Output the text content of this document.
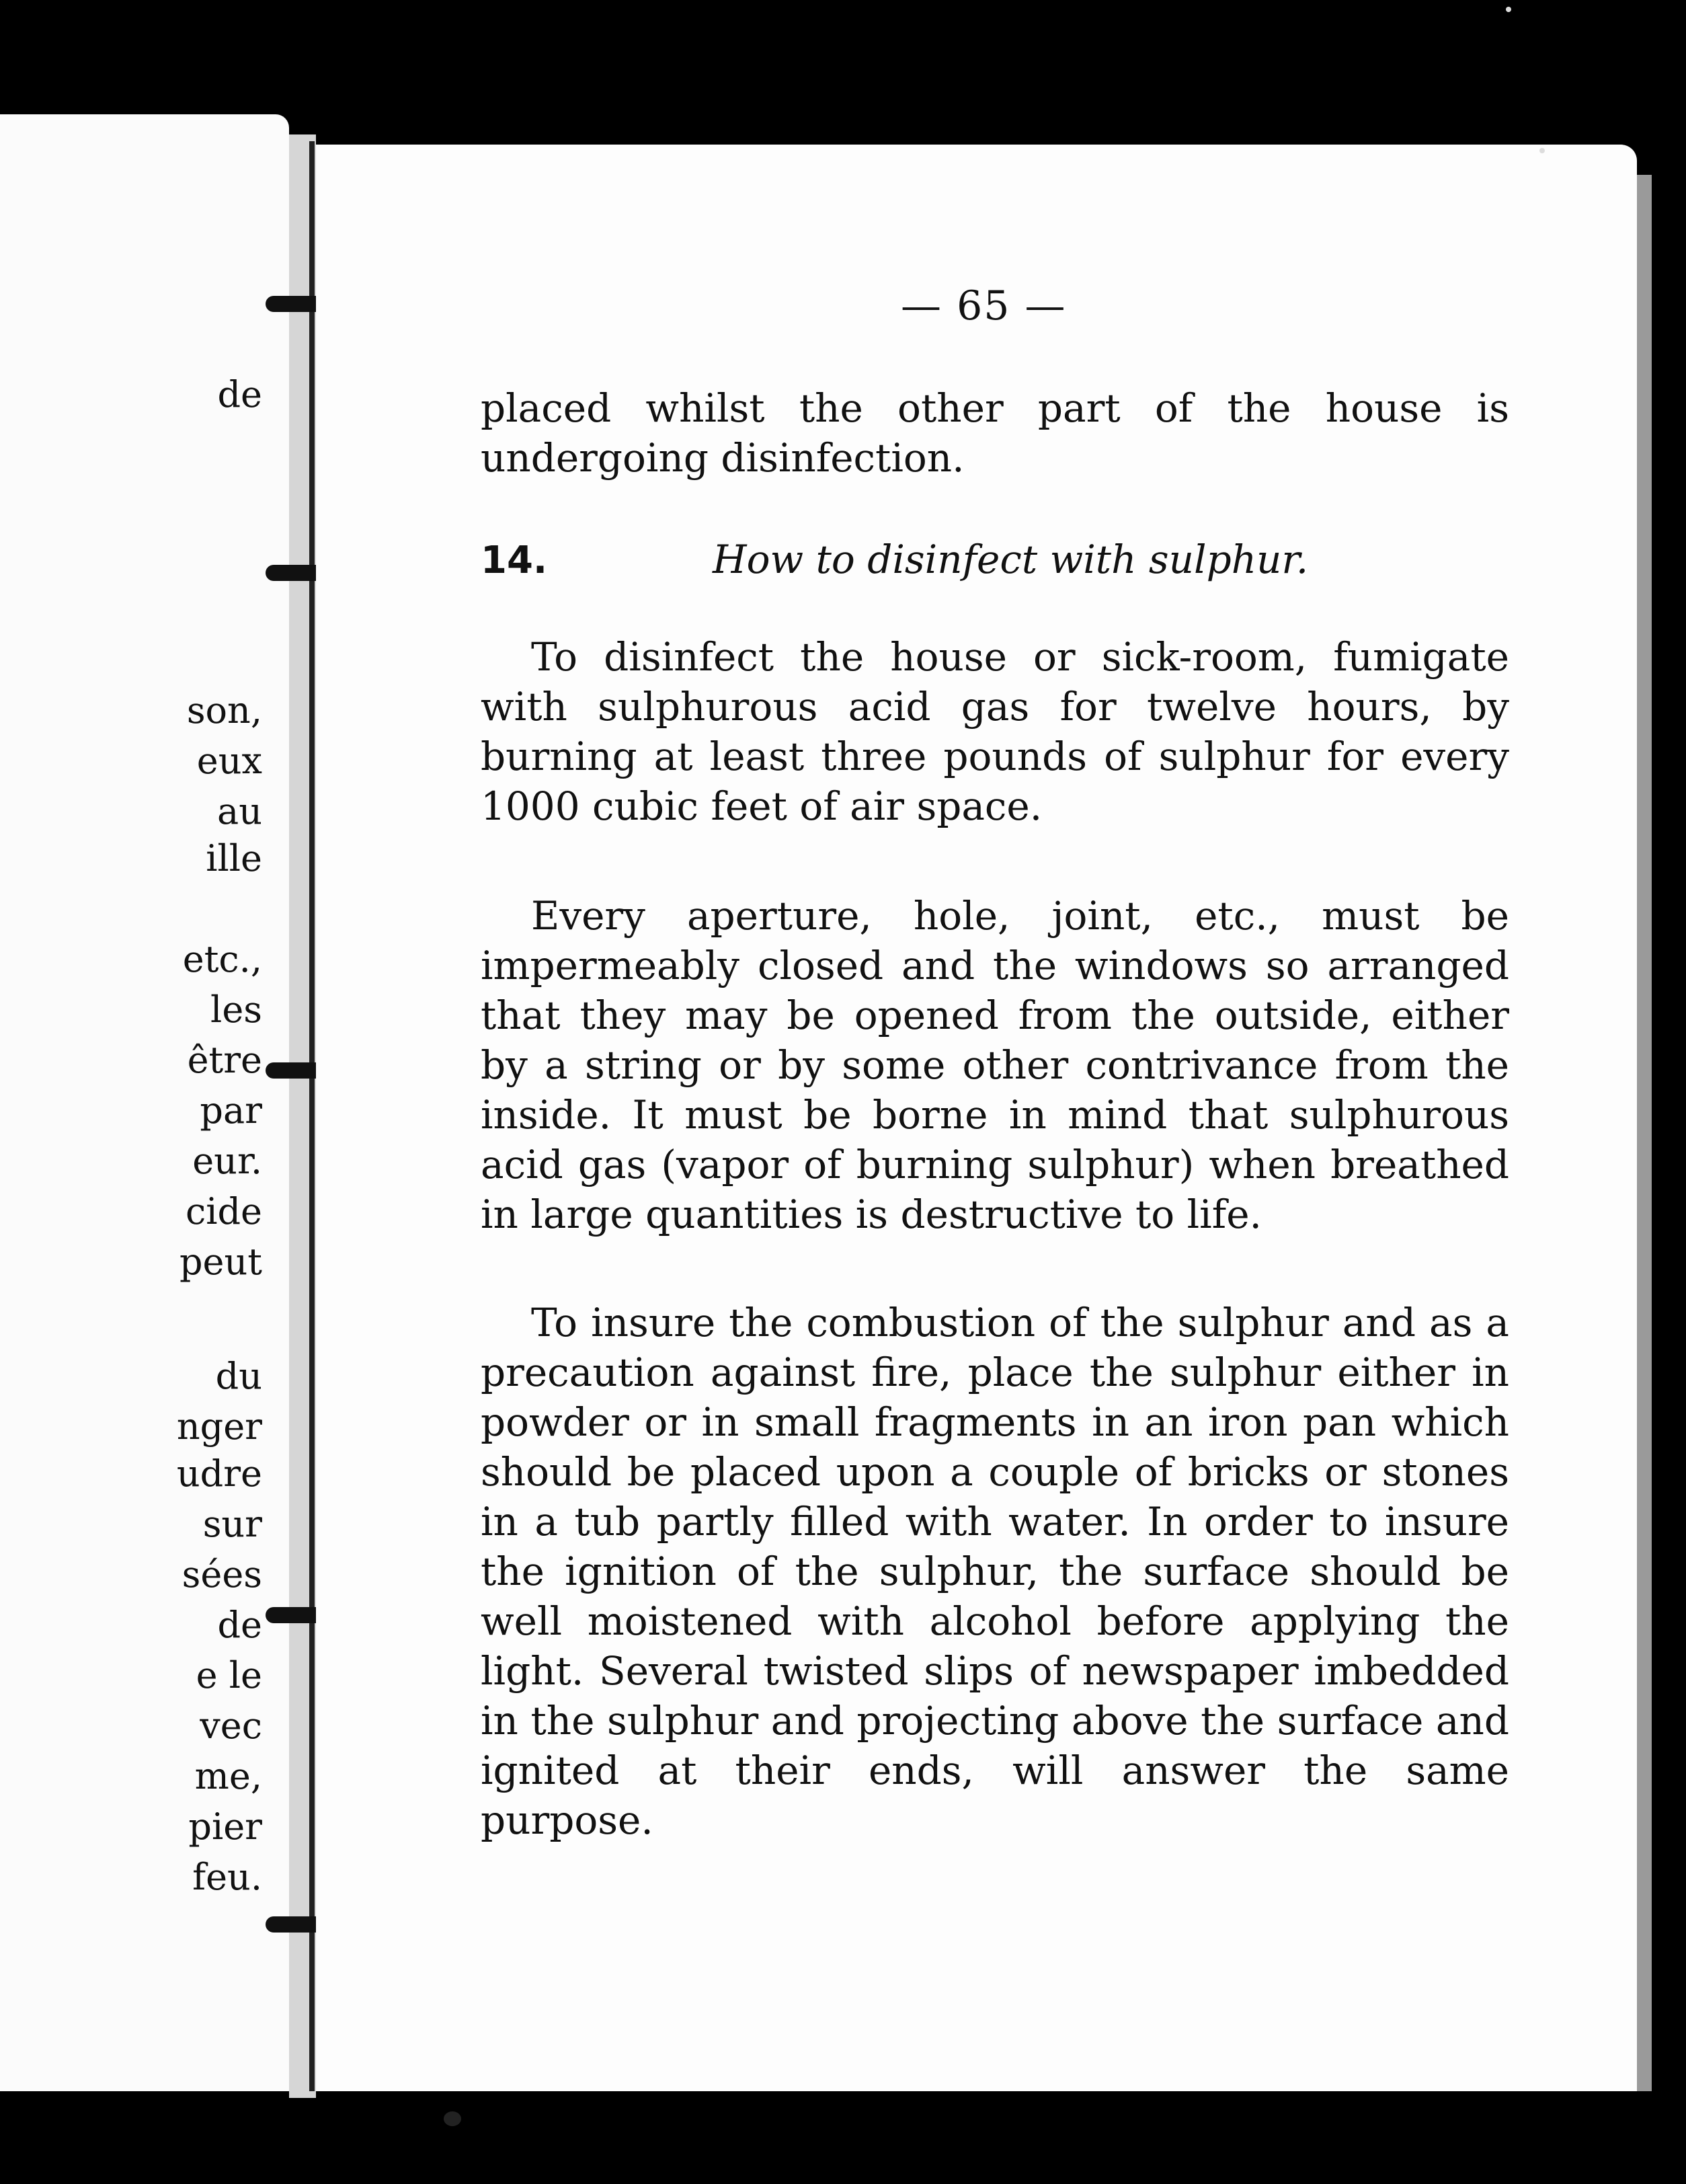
de
son,
eux
au
ille
etc.,
les
être
par
eur.
cide
peut
du
nger
udre
sur
sées
de
e le
vec
me,
pier
feu.
— 65 —

placed whilst the other part of the house is undergoing disinfection.

14.	How to disinfect with sulphur.

To disinfect the house or sick-room, fumigate with sulphurous acid gas for twelve hours, by burning at least three pounds of sulphur for every 1000 cubic feet of air space.

Every aperture, hole, joint, etc., must be impermeably closed and the windows so arranged that they may be opened from the outside, either by a string or by some other contrivance from the inside. It must be borne in mind that sulphurous acid gas (vapor of burning sulphur) when breathed in large quantities is destructive to life.

To insure the combustion of the sulphur and as a precaution against fire, place the sulphur either in powder or in small fragments in an iron pan which should be placed upon a couple of bricks or stones in a tub partly filled with water. In order to insure the ignition of the sulphur, the surface should be well moistened with alcohol before applying the light. Several twisted slips of newspaper imbedded in the sulphur and projecting above the surface and ignited at their ends, will answer the same purpose.
